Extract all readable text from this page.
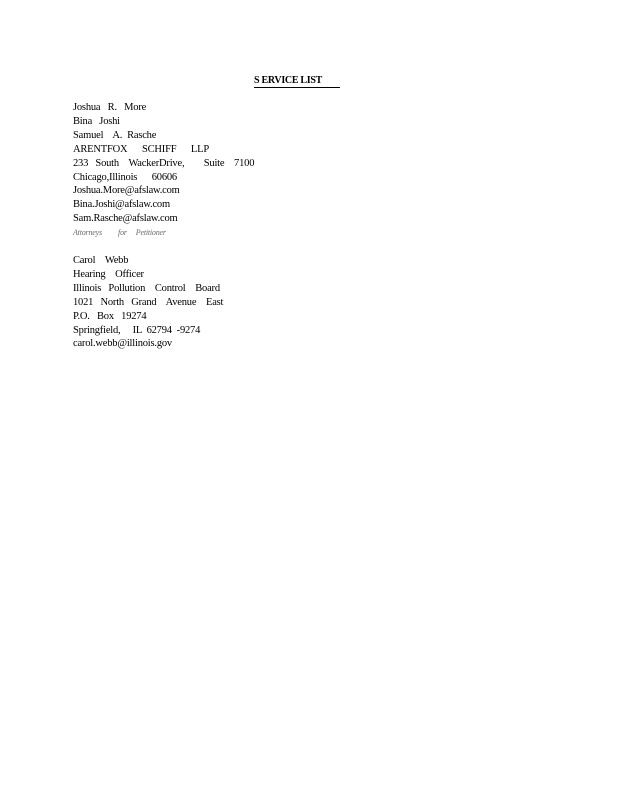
S ERVICE LIST
Joshua   R.   More
Bina   Joshi
Samuel    A.  Rasche
ARENTFOX      SCHIFF      LLP
233   South    WackerDrive,        Suite    7100
Chicago,Illinois      60606
Joshua.More@afslaw.com
Bina.Joshi@afslaw.com
Sam.Rasche@afslaw.com
Attorneys         for     Petitioner
Carol    Webb
Hearing    Officer
Illinois   Pollution    Control    Board
1021   North   Grand    Avenue    East
P.O.   Box   19274
Springfield,     IL  62794  -9274
carol.webb@illinois.gov
